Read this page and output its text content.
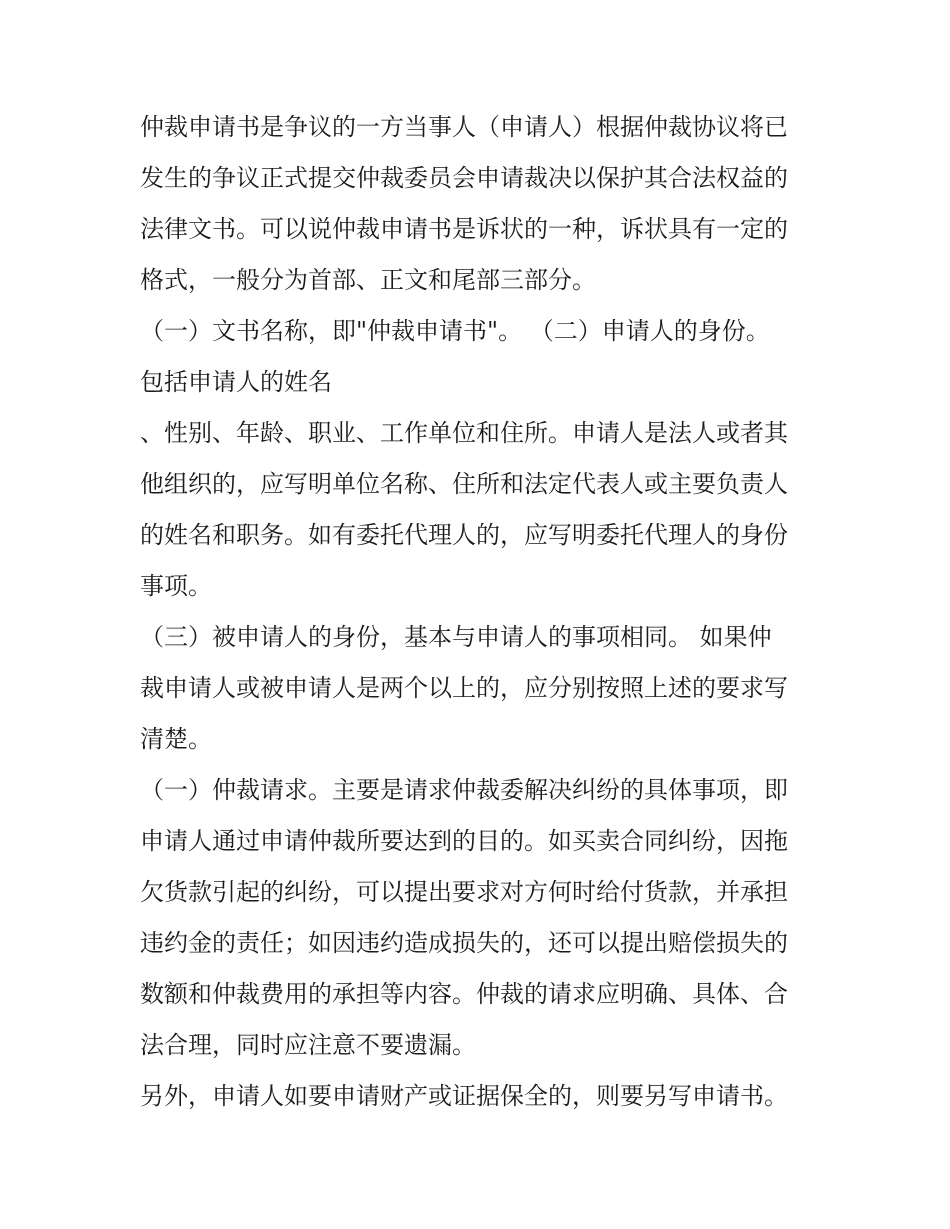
仲裁申请书是争议的一方当事人（申请人）根据仲裁协议将已
发生的争议正式提交仲裁委员会申请裁决以保护其合法权益的
法律文书。可以说仲裁申请书是诉状的一种，诉状具有一定的
格式，一般分为首部、正文和尾部三部分。
（一）文书名称，即"仲裁申请书"。 （二）申请人的身份。
包括申请人的姓名
、性别、年龄、职业、工作单位和住所。申请人是法人或者其
他组织的，应写明单位名称、住所和法定代表人或主要负责人
的姓名和职务。如有委托代理人的，应写明委托代理人的身份
事项。
（三）被申请人的身份，基本与申请人的事项相同。 如果仲
裁申请人或被申请人是两个以上的，应分别按照上述的要求写
清楚。
（一）仲裁请求。主要是请求仲裁委解决纠纷的具体事项，即
申请人通过申请仲裁所要达到的目的。如买卖合同纠纷，因拖
欠货款引起的纠纷，可以提出要求对方何时给付货款，并承担
违约金的责任；如因违约造成损失的，还可以提出赔偿损失的
数额和仲裁费用的承担等内容。仲裁的请求应明确、具体、合
法合理，同时应注意不要遗漏。
另外，申请人如要申请财产或证据保全的，则要另写申请书。
